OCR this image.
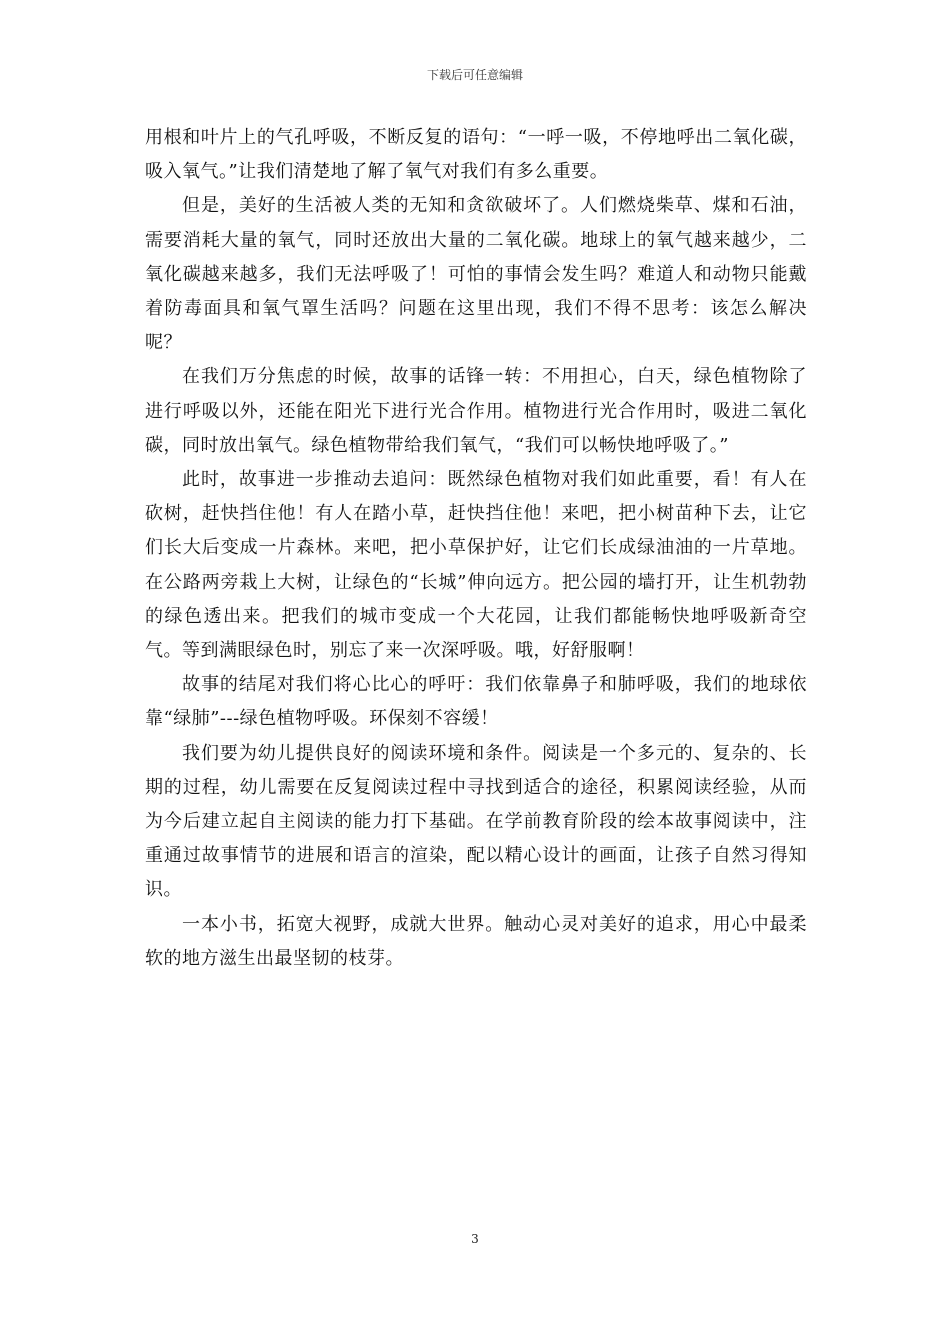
下载后可任意编辑

用根和叶片上的气孔呼吸，不断反复的语句：“一呼一吸，不停地呼出二氧化碳，吸入氧气。”让我们清楚地了解了氧气对我们有多么重要。

但是，美好的生活被人类的无知和贪欲破坏了。人们燃烧柴草、煤和石油，需要消耗大量的氧气，同时还放出大量的二氧化碳。地球上的氧气越来越少，二氧化碳越来越多，我们无法呼吸了！可怕的事情会发生吗？难道人和动物只能戴着防毒面具和氧气罩生活吗？问题在这里出现，我们不得不思考：该怎么解决呢？

在我们万分焦虑的时候，故事的话锋一转：不用担心，白天，绿色植物除了进行呼吸以外，还能在阳光下进行光合作用。植物进行光合作用时，吸进二氧化碳，同时放出氧气。绿色植物带给我们氧气，“我们可以畅快地呼吸了。”

此时，故事进一步推动去追问：既然绿色植物对我们如此重要，看！有人在砍树，赶快挡住他！有人在踏小草，赶快挡住他！来吧，把小树苗种下去，让它们长大后变成一片森林。来吧，把小草保护好，让它们长成绿油油的一片草地。在公路两旁栽上大树，让绿色的“长城”伸向远方。把公园的墙打开，让生机勃勃的绿色透出来。把我们的城市变成一个大花园，让我们都能畅快地呼吸新奇空气。等到满眼绿色时，别忘了来一次深呼吸。哦，好舒服啊！

故事的结尾对我们将心比心的呼吁：我们依靠鼻子和肺呼吸，我们的地球依靠“绿肺”---绿色植物呼吸。环保刻不容缓！

我们要为幼儿提供良好的阅读环境和条件。阅读是一个多元的、复杂的、长期的过程，幼儿需要在反复阅读过程中寻找到适合的途径，积累阅读经验，从而为今后建立起自主阅读的能力打下基础。在学前教育阶段的绘本故事阅读中，注重通过故事情节的进展和语言的渲染，配以精心设计的画面，让孩子自然习得知识。

一本小书，拓宽大视野，成就大世界。触动心灵对美好的追求，用心中最柔软的地方滋生出最坚韧的枝芽。

3
